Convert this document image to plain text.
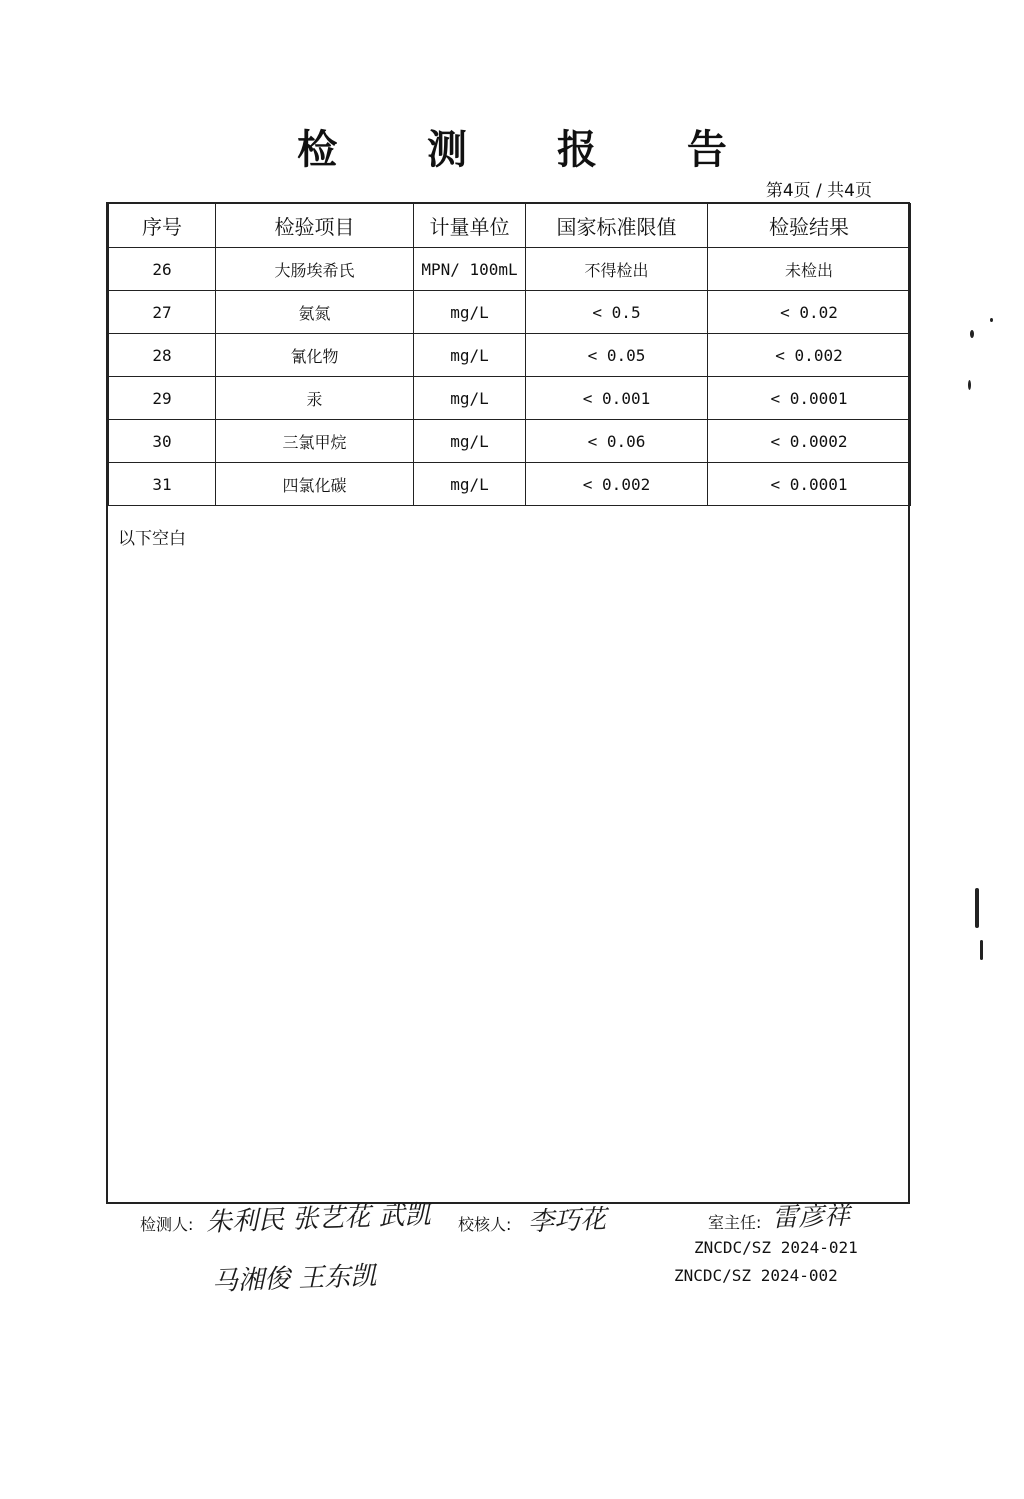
检 测 报 告
第4页 / 共4页
序号	检验项目	计量单位	国家标准限值	检验结果
26	大肠埃希氏	MPN/ 100mL	不得检出	未检出
27	氨氮	mg/L	< 0.5	< 0.02
28	氰化物	mg/L	< 0.05	< 0.002
29	汞	mg/L	< 0.001	< 0.0001
30	三氯甲烷	mg/L	< 0.06	< 0.0002
31	四氯化碳	mg/L	< 0.002	< 0.0001
以下空白
检测人: 朱利民 张艺花 武凯
马湘俊 王东凯
校核人: 李巧花	室主任: 雷彦祥
ZNCDC/SZ 2024-021
ZNCDC/SZ 2024-002
